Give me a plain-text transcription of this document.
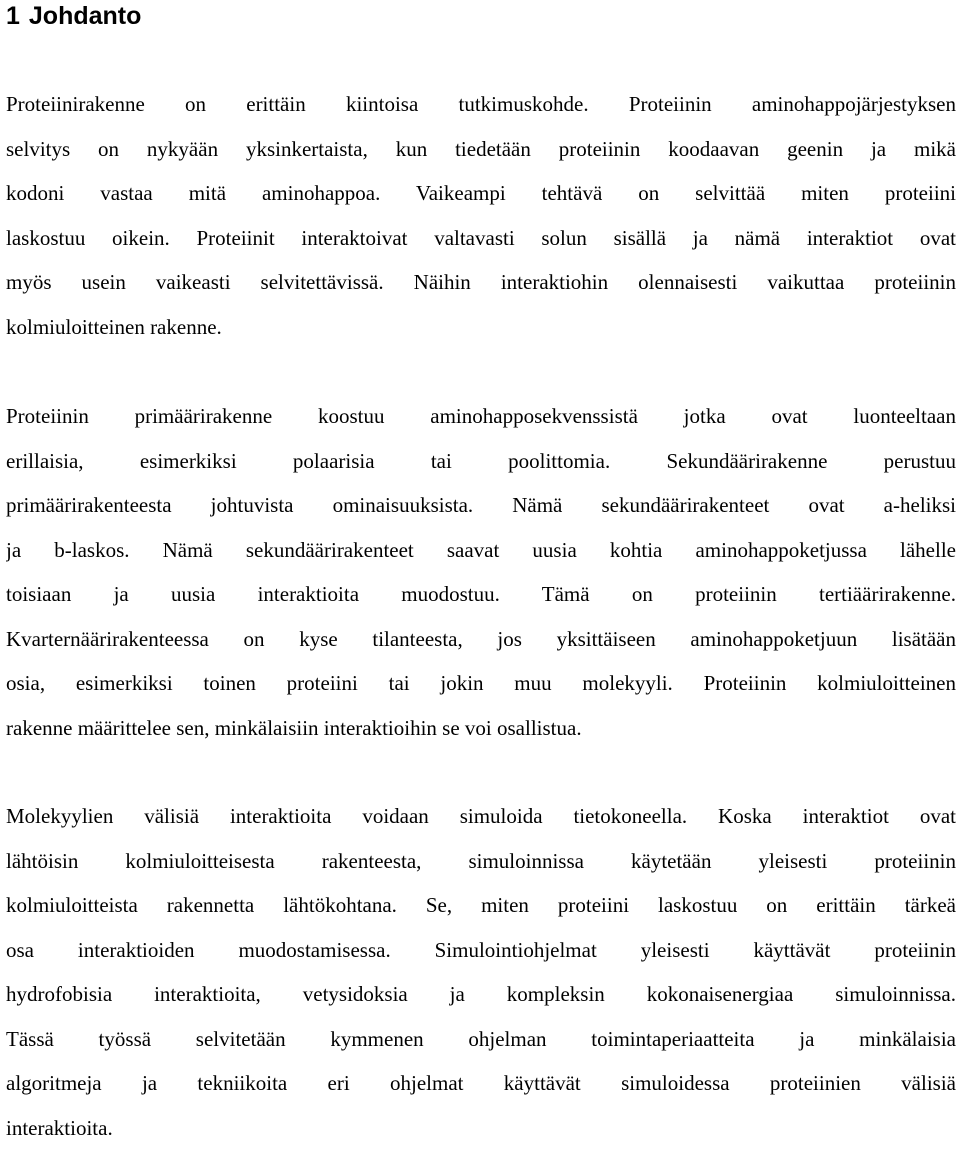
1 Johdanto
Proteiinirakenne on erittäin kiintoisa tutkimuskohde. Proteiinin aminohappojärjestyksen
selvitys on nykyään yksinkertaista, kun tiedetään proteiinin koodaavan geenin ja mikä
kodoni vastaa mitä aminohappoa. Vaikeampi tehtävä on selvittää miten proteiini
laskostuu oikein. Proteiinit interaktoivat valtavasti solun sisällä ja nämä interaktiot ovat
myös usein vaikeasti selvitettävissä. Näihin interaktiohin olennaisesti vaikuttaa proteiinin
kolmiuloitteinen rakenne.
Proteiinin primäärirakenne koostuu aminohapposekvenssistä jotka ovat luonteeltaan
erillaisia, esimerkiksi polaarisia tai poolittomia. Sekundäärirakenne perustuu
primäärirakenteesta johtuvista ominaisuuksista. Nämä sekundäärirakenteet ovat a-heliksi
ja b-laskos. Nämä sekundäärirakenteet saavat uusia kohtia aminohappoketjussa lähelle
toisiaan ja uusia interaktioita muodostuu. Tämä on proteiinin tertiäärirakenne.
Kvarternäärirakenteessa on kyse tilanteesta, jos yksittäiseen aminohappoketjuun lisätään
osia, esimerkiksi toinen proteiini tai jokin muu molekyyli. Proteiinin kolmiuloitteinen
rakenne määrittelee sen, minkälaisiin interaktioihin se voi osallistua.
Molekyylien välisiä interaktioita voidaan simuloida tietokoneella. Koska interaktiot ovat
lähtöisin kolmiuloitteisesta rakenteesta, simuloinnissa käytetään yleisesti proteiinin
kolmiuloitteista rakennetta lähtökohtana. Se, miten proteiini laskostuu on erittäin tärkeä
osa interaktioiden muodostamisessa. Simulointiohjelmat yleisesti käyttävät proteiinin
hydrofobisia interaktioita, vetysidoksia ja kompleksin kokonaisenergiaa simuloinnissa.
Tässä työssä selvitetään kymmenen ohjelman toimintaperiaatteita ja minkälaisia
algoritmeja ja tekniikoita eri ohjelmat käyttävät simuloidessa proteiinien välisiä
interaktioita.
